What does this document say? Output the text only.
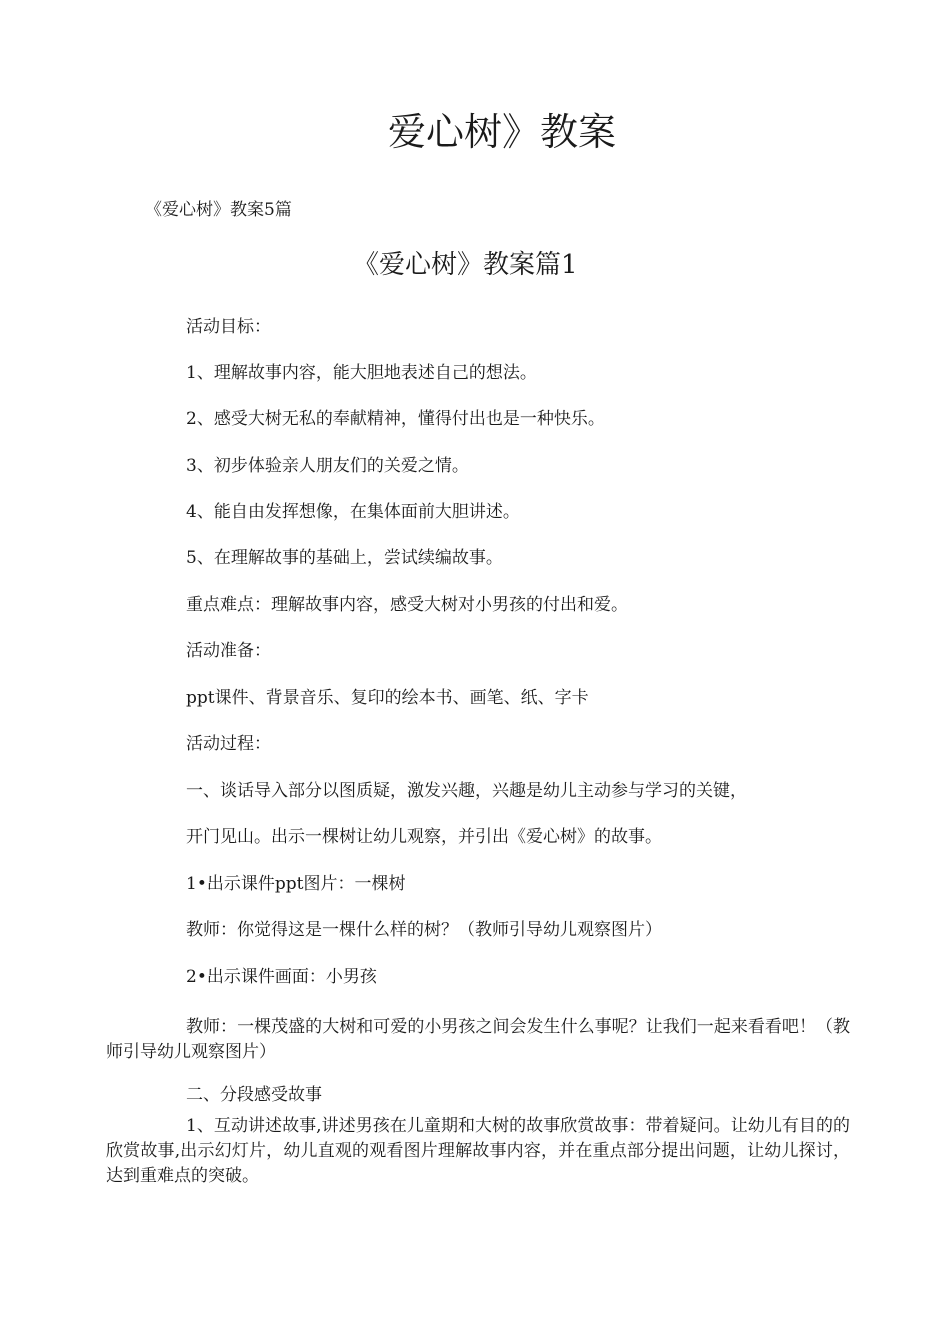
爱心树》教案
《爱心树》教案5篇
《爱心树》教案篇1
活动目标：
1、理解故事内容，能大胆地表述自己的想法。
2、感受大树无私的奉献精神，懂得付出也是一种快乐。
3、初步体验亲人朋友们的关爱之情。
4、能自由发挥想像，在集体面前大胆讲述。
5、在理解故事的基础上，尝试续编故事。
重点难点：理解故事内容，感受大树对小男孩的付出和爱。
活动准备：
ppt课件、背景音乐、复印的绘本书、画笔、纸、字卡
活动过程：
一、谈话导入部分以图质疑，激发兴趣，兴趣是幼儿主动参与学习的关键，
开门见山。出示一棵树让幼儿观察，并引出《爱心树》的故事。
1•出示课件ppt图片：一棵树
教师：你觉得这是一棵什么样的树？（教师引导幼儿观察图片）
2•出示课件画面：小男孩
教师：一棵茂盛的大树和可爱的小男孩之间会发生什么事呢？让我们一起来看看吧！（教师引导幼儿观察图片）
二、分段感受故事
1、互动讲述故事,讲述男孩在儿童期和大树的故事欣赏故事：带着疑问。让幼儿有目的的欣赏故事,出示幻灯片，幼儿直观的观看图片理解故事内容，并在重点部分提出问题，让幼儿探讨，达到重难点的突破。
